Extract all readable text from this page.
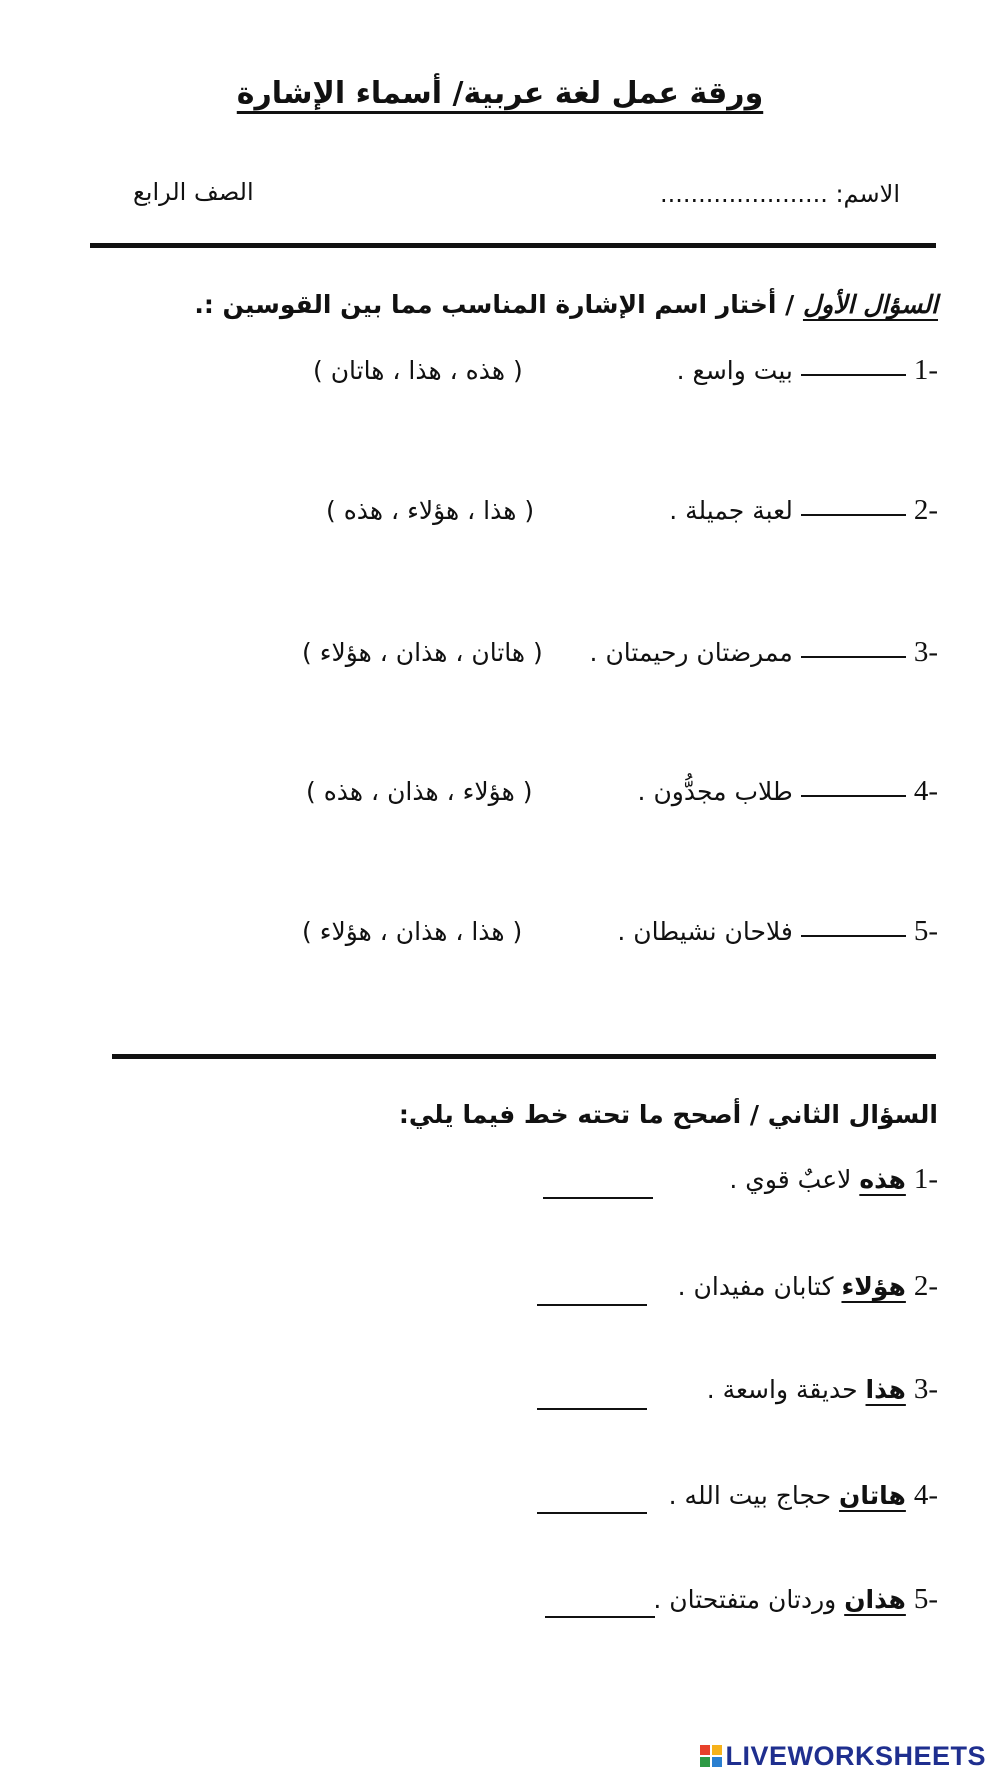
ورقة عمل لغة عربية/ أسماء الإشارة
الاسم: ......................
الصف الرابع
السؤال الأول / أختار اسم الإشارة المناسب مما بين القوسين :.
1-بيت واسع .
( هذه ، هذا ، هاتان )
2-لعبة جميلة .
( هذا ، هؤلاء ، هذه )
3-ممرضتان رحيمتان .
( هاتان ، هذان ، هؤلاء )
4-طلاب مجدُّون .
( هؤلاء ، هذان ، هذه )
5-فلاحان نشيطان .
( هذا ، هذان ، هؤلاء )
السؤال الثاني / أصحح ما تحته خط فيما يلي:
1- هذه لاعبٌ قوي .
2- هؤلاء كتابان مفيدان .
3- هذا حديقة واسعة .
4- هاتان حجاج بيت الله .
5- هذان وردتان متفتحتان .
LIVEWORKSHEETS
